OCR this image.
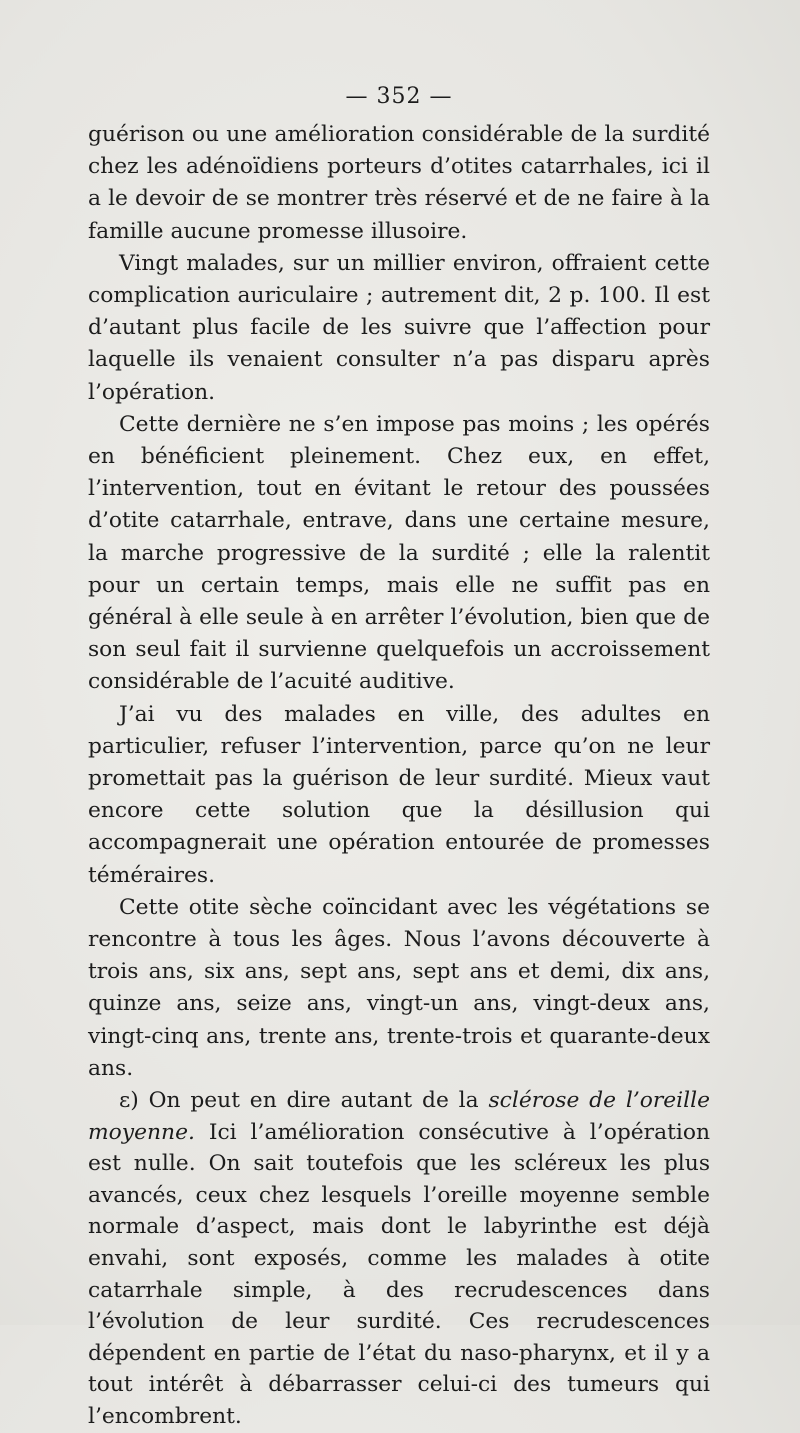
— 352 —

guérison ou une amélioration considérable de la surdité chez les adénoïdiens porteurs d’otites catarrhales, ici il a le devoir de se montrer très réservé et de ne faire à la famille aucune promesse illusoire.

Vingt malades, sur un millier environ, offraient cette complication auriculaire ; autrement dit, 2 p. 100. Il est d’autant plus facile de les suivre que l’affection pour laquelle ils venaient consulter n’a pas disparu après l’opération.

Cette dernière ne s’en impose pas moins ; les opérés en bénéficient pleinement. Chez eux, en effet, l’intervention, tout en évitant le retour des poussées d’otite catarrhale, entrave, dans une certaine mesure, la marche progressive de la surdité ; elle la ralentit pour un certain temps, mais elle ne suffit pas en général à elle seule à en arrêter l’évolution, bien que de son seul fait il survienne quelquefois un accroissement considérable de l’acuité auditive.

J’ai vu des malades en ville, des adultes en particulier, refuser l’intervention, parce qu’on ne leur promettait pas la guérison de leur surdité. Mieux vaut encore cette solution que la désillusion qui accompagnerait une opération entourée de promesses téméraires.

Cette otite sèche coïncidant avec les végétations se rencontre à tous les âges. Nous l’avons découverte à trois ans, six ans, sept ans, sept ans et demi, dix ans, quinze ans, seize ans, vingt-un ans, vingt-deux ans, vingt-cinq ans, trente ans, trente-trois et quarante-deux ans.

ε) On peut en dire autant de la sclérose de l’oreille moyenne. Ici l’amélioration consécutive à l’opération est nulle. On sait toutefois que les scléreux les plus avancés, ceux chez lesquels l’oreille moyenne semble normale d’aspect, mais dont le labyrinthe est déjà envahi, sont exposés, comme les malades à otite catarrhale simple, à des recrudescences dans l’évolution de leur surdité. Ces recrudescences dépendent en partie de l’état du naso-pharynx, et il y a tout intérêt à débarrasser celui-ci des tumeurs qui l’encombrent.
